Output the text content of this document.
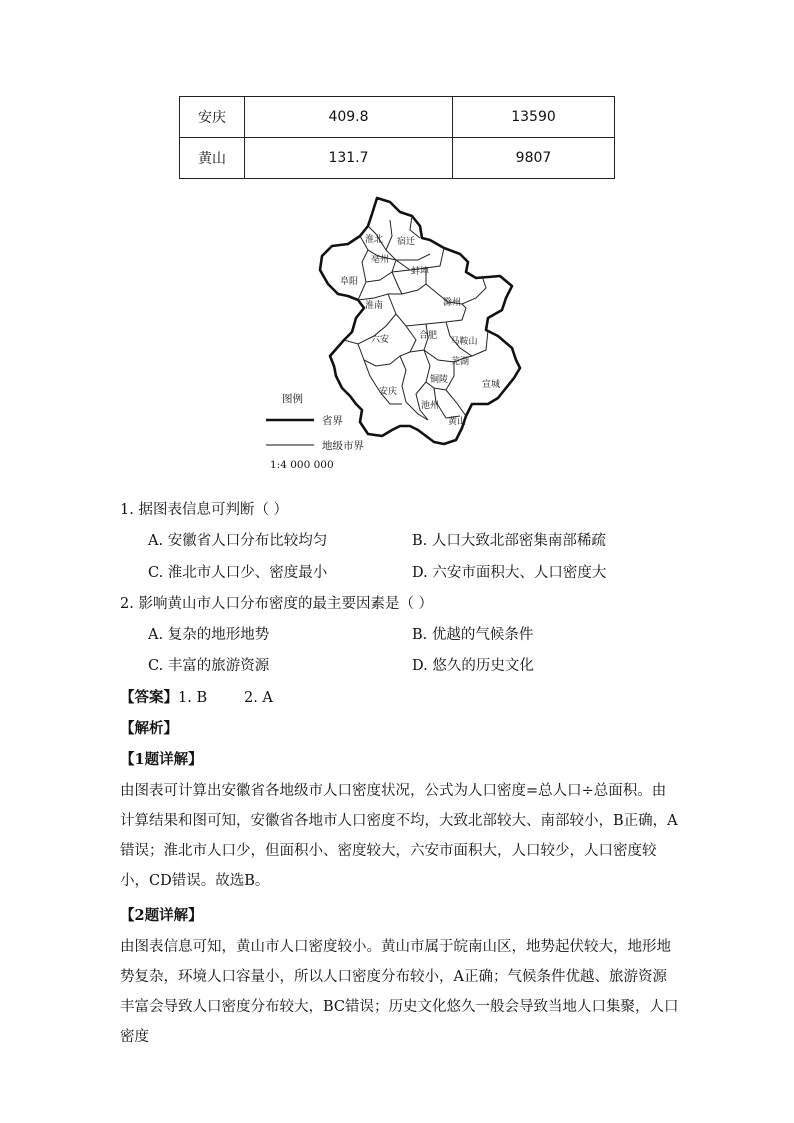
安庆	409.8	13590
黄山	131.7	9807
淮北 宿迁
亳州
蚌埠
阜阳
淮南	滁州
合肥
马鞍山
六安
芜湖
铜陵	宣城
安庆
池州
黄山
图例
省界
地级市界
1:4 000 000
1. 据图表信息可判断（ ）
A. 安徽省人口分布比较均匀	B. 人口大致北部密集南部稀疏
C. 淮北市人口少、密度最小	D. 六安市面积大、人口密度大
2. 影响黄山市人口分布密度的最主要因素是（ ）
A. 复杂的地形地势	B. 优越的气候条件
C. 丰富的旅游资源	D. 悠久的历史文化
【答案】1. B        2. A
【解析】
【1题详解】
由图表可计算出安徽省各地级市人口密度状况，公式为人口密度=总人口÷总面积。由计算结果和图可知，安徽省各地市人口密度不均，大致北部较大、南部较小，B正确，A错误；淮北市人口少，但面积小、密度较大，六安市面积大，人口较少，人口密度较小，CD错误。故选B。
【2题详解】
由图表信息可知，黄山市人口密度较小。黄山市属于皖南山区，地势起伏较大，地形地势复杂，环境人口容量小，所以人口密度分布较小，A正确；气候条件优越、旅游资源丰富会导致人口密度分布较大，BC错误；历史文化悠久一般会导致当地人口集聚，人口密度
